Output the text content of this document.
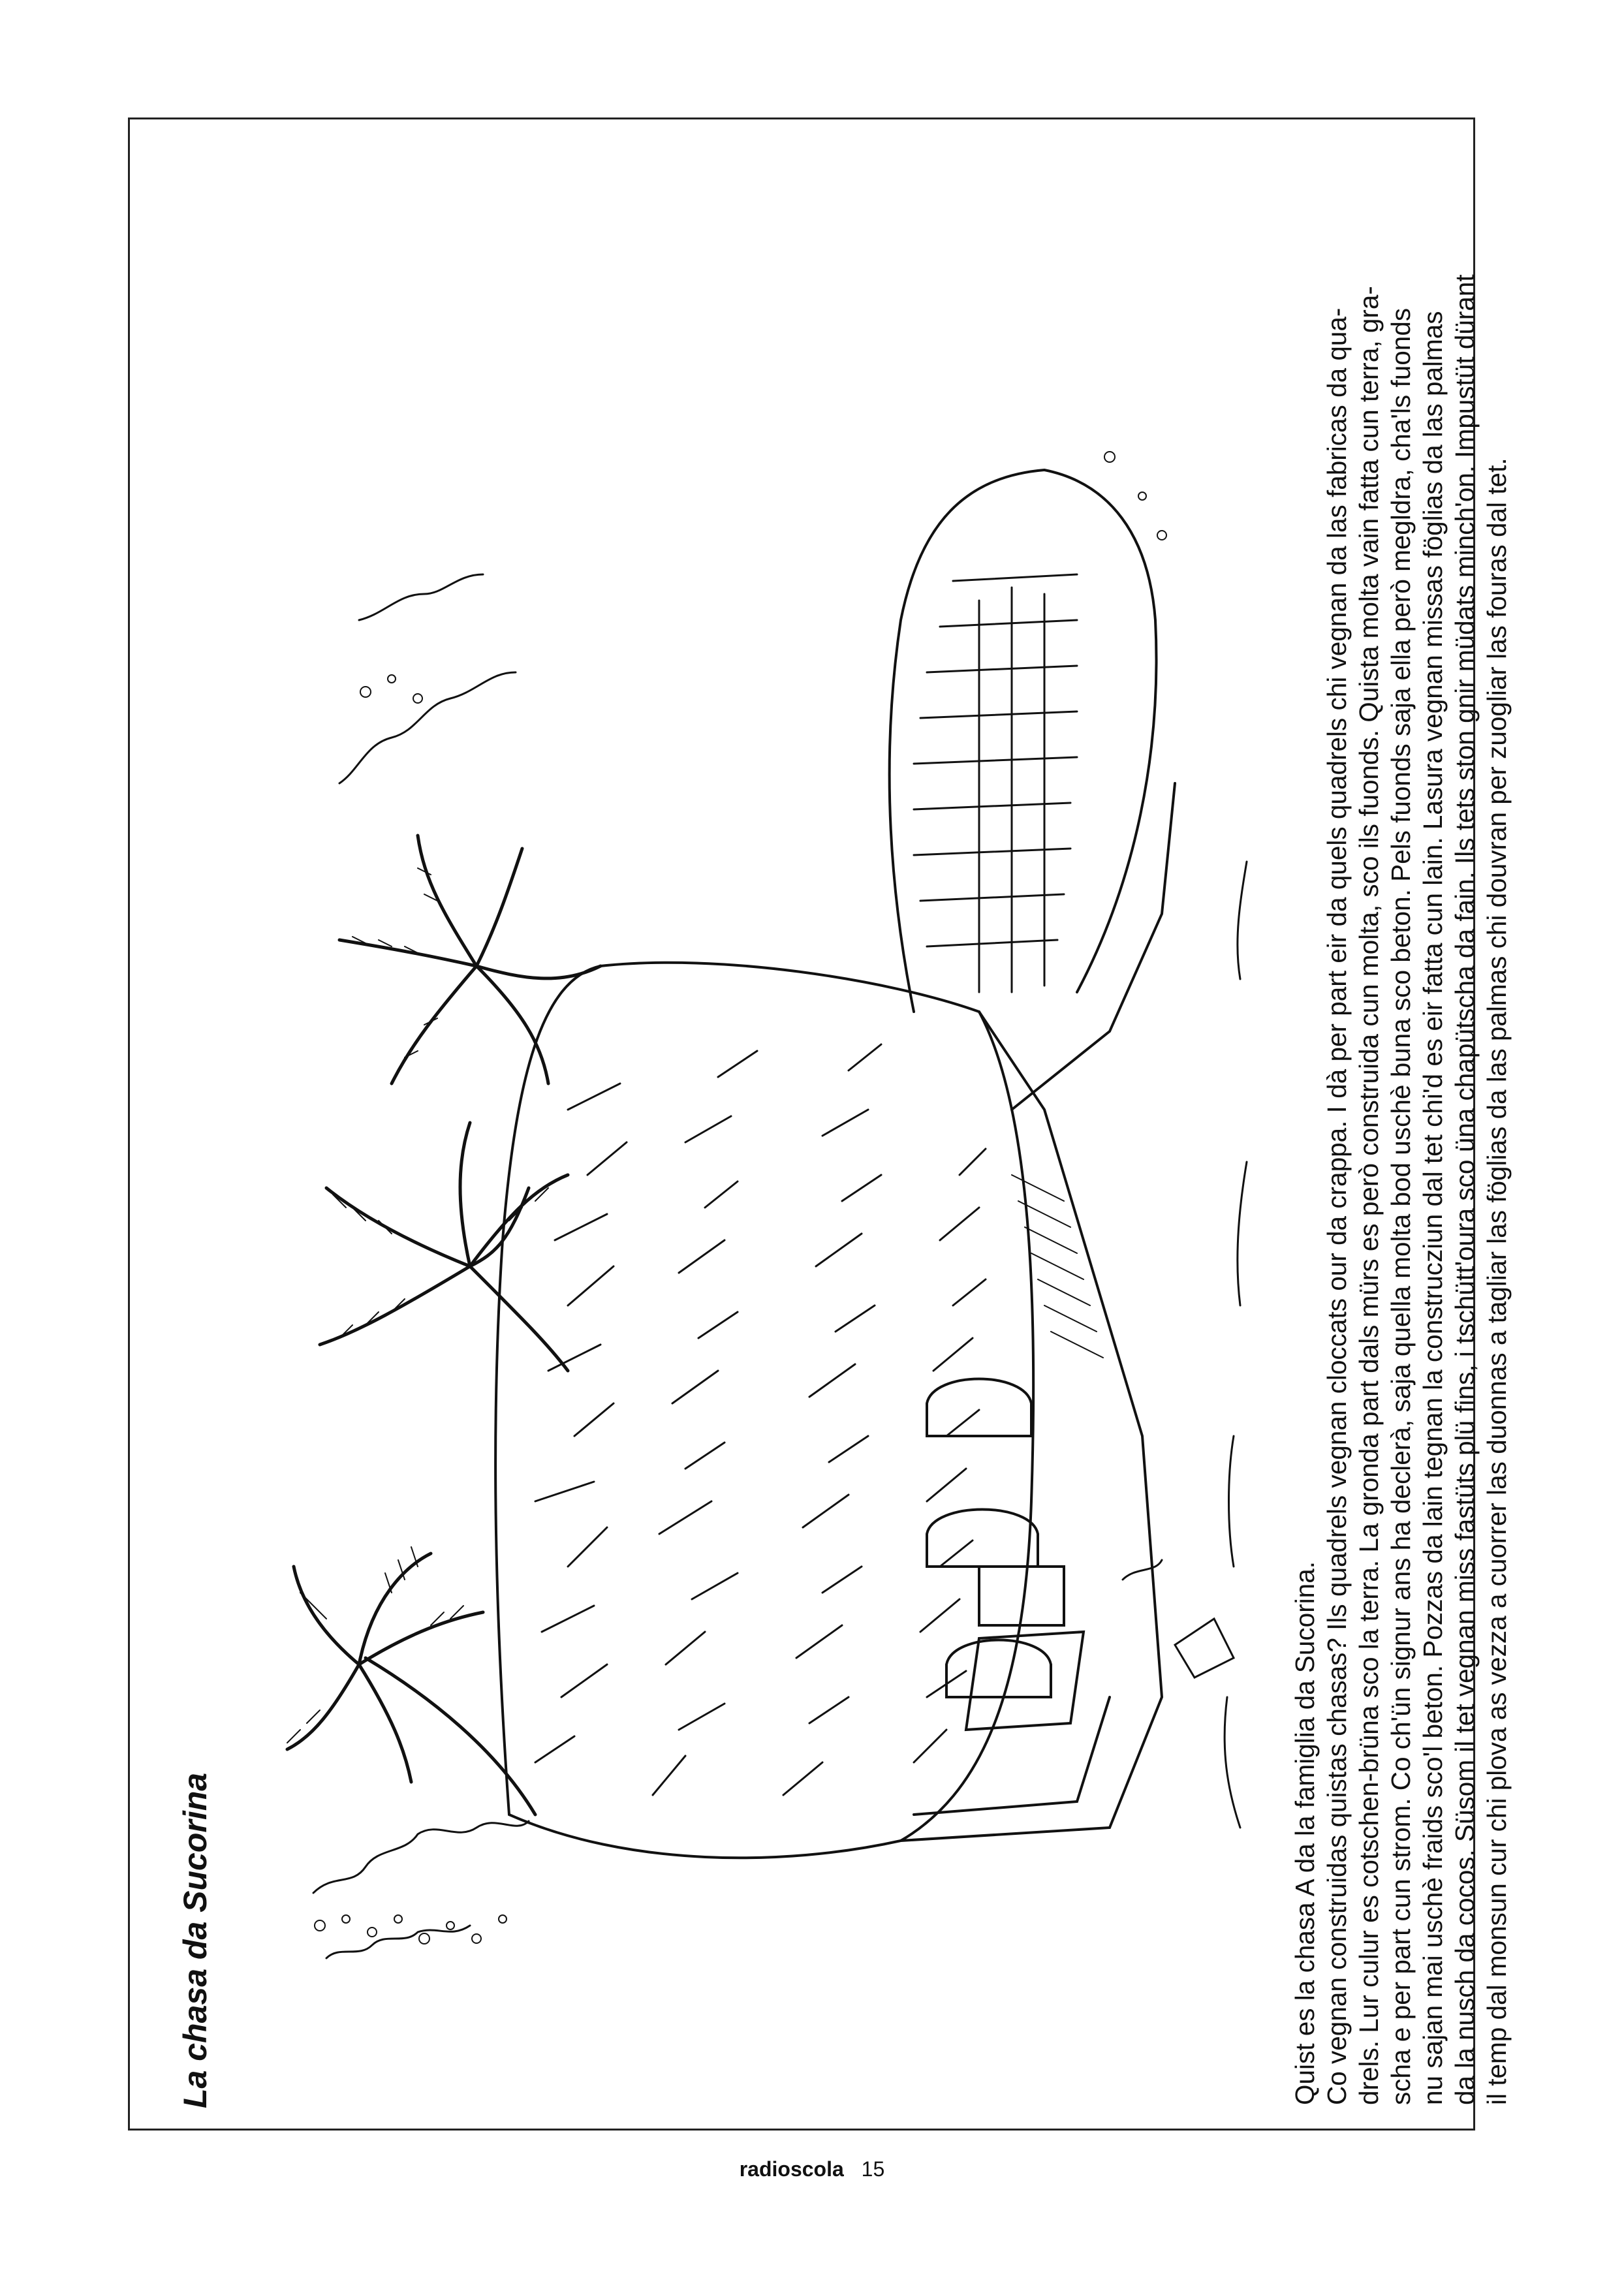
La chasa da Sucorina	Quist es la chasa A da la famiglia da Sucorina. Co vegnan construidas quistas chasas? Ils quadrels vegnan cloccats our da crappa. I dà per part eir da quels quadrels chi vegnan da las fabricas da qua- drels. Lur culur es cotschen-brüna sco la terra. La gronda part dals mürs es però construida cun molta, sco ils fuonds. Quista molta vain fatta cun terra, gra- scha e per part cun strom. Co ch'ün signur ans ha declerà, saja quella molta bod uschè buna sco beton. Pels fuonds saja ella però megldra, cha'ls fuonds nu sajan mai uschè fraids sco'l beton. Pozzas da lain tegnan la construcziun dal tet chi'd es eir fatta cun lain. Lasura vegnan missas föglias da las palmas da la nusch da cocos. Süsom il tet vegnan miss fastüts plü fins, i tschütt'oura sco üna chapütscha da fain. Ils tets ston gnir müdats minch'on. Impustüt dürant il temp dal monsun cur chi plova as vezza a cuorrer las duonnas a tagliar las föglias da las palmas chi douvran per zuogliar las fouras dal tet.
radioscola 15
